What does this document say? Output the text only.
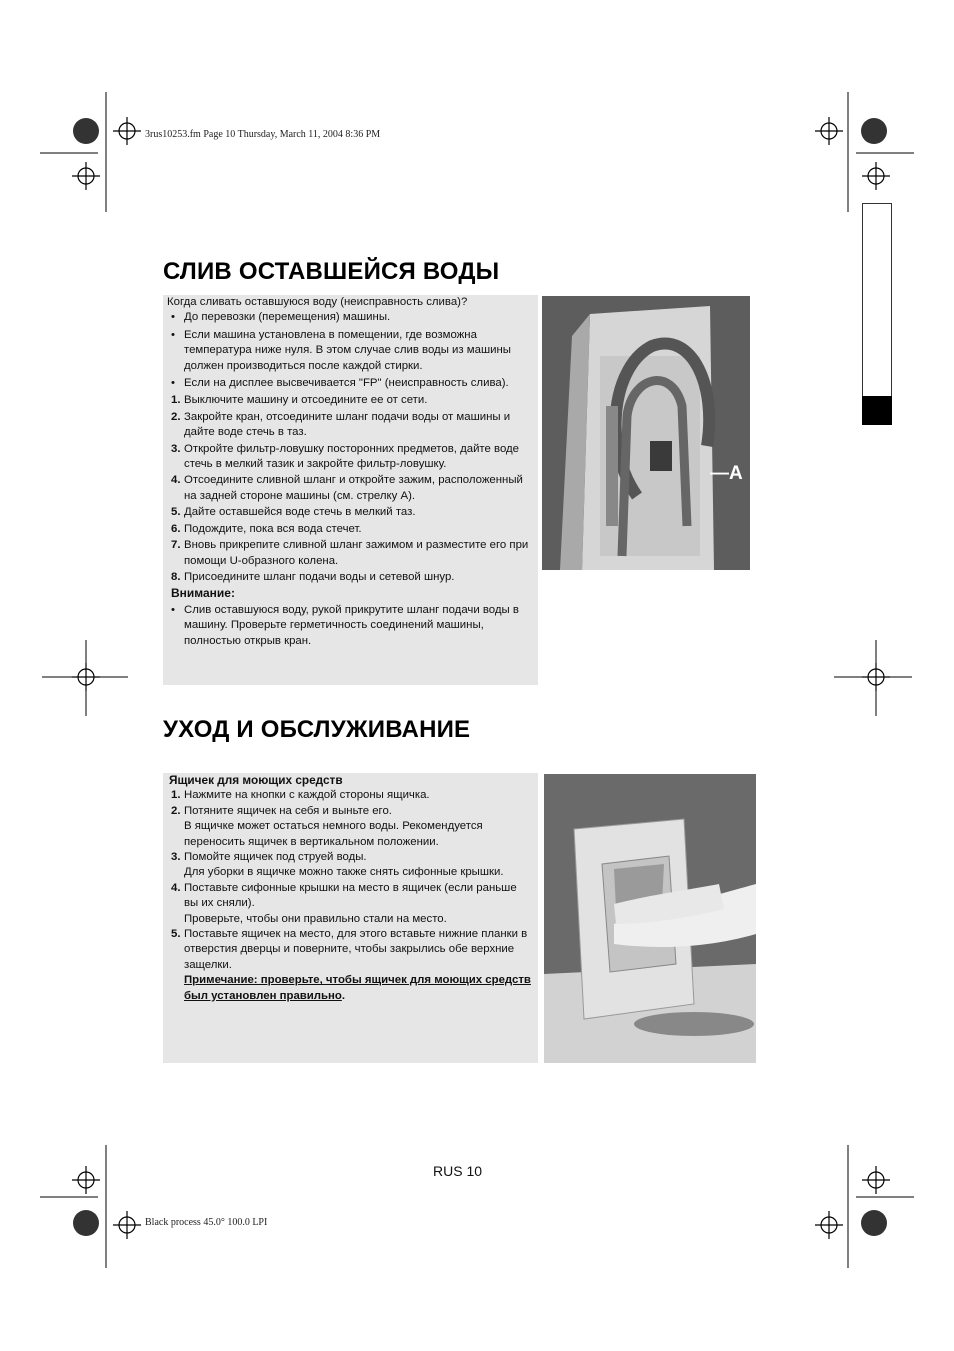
3rus10253.fm Page 10 Thursday, March 11, 2004 8:36 PM
СЛИВ ОСТАВШЕЙСЯ ВОДЫ
Когда сливать оставшуюся воду (неисправность слива)?
• До перевозки (перемещения) машины.
• Если машина установлена в помещении, где возможна температура ниже нуля. В этом случае слив воды из машины должен производиться после каждой стирки.
• Если на дисплее высвечивается "FP" (неисправность слива).
1. Выключите машину и отсоедините ее от сети.
2. Закройте кран, отсоедините шланг подачи воды от машины и дайте воде стечь в таз.
3. Откройте фильтр-ловушку посторонних предметов, дайте воде стечь в мелкий тазик и закройте фильтр-ловушку.
4. Отсоедините сливной шланг и откройте зажим, расположенный на задней стороне машины (см. стрелку А).
5. Дайте оставшейся воде стечь в мелкий таз.
6. Подождите, пока вся вода стечет.
7. Вновь прикрепите сливной шланг зажимом и разместите его при помощи U-образного колена.
8. Присоедините шланг подачи воды и сетевой шнур.
Внимание:
• Слив оставшуюся воду, рукой прикрутите шланг подачи воды в машину. Проверьте герметичность соединений машины, полностью открыв кран.
—A
УХОД И ОБСЛУЖИВАНИЕ
Ящичек для моющих средств
1. Нажмите на кнопки с каждой стороны ящичка.
2. Потяните ящичек на себя и выньте его.
В ящичке может остаться немного воды. Рекомендуется переносить ящичек в вертикальном положении.
3. Помойте ящичек под струей воды.
Для уборки в ящичке можно также снять сифонные крышки.
4. Поставьте сифонные крышки на место в ящичек (если раньше вы их сняли).
Проверьте, чтобы они правильно стали на место.
5. Поставьте ящичек на место, для этого вставьте нижние планки в отверстия дверцы и поверните, чтобы закрылись обе верхние защелки.
Примечание: проверьте, чтобы ящичек для моющих средств был установлен правильно.
RUS 10
Black process 45.0° 100.0 LPI
